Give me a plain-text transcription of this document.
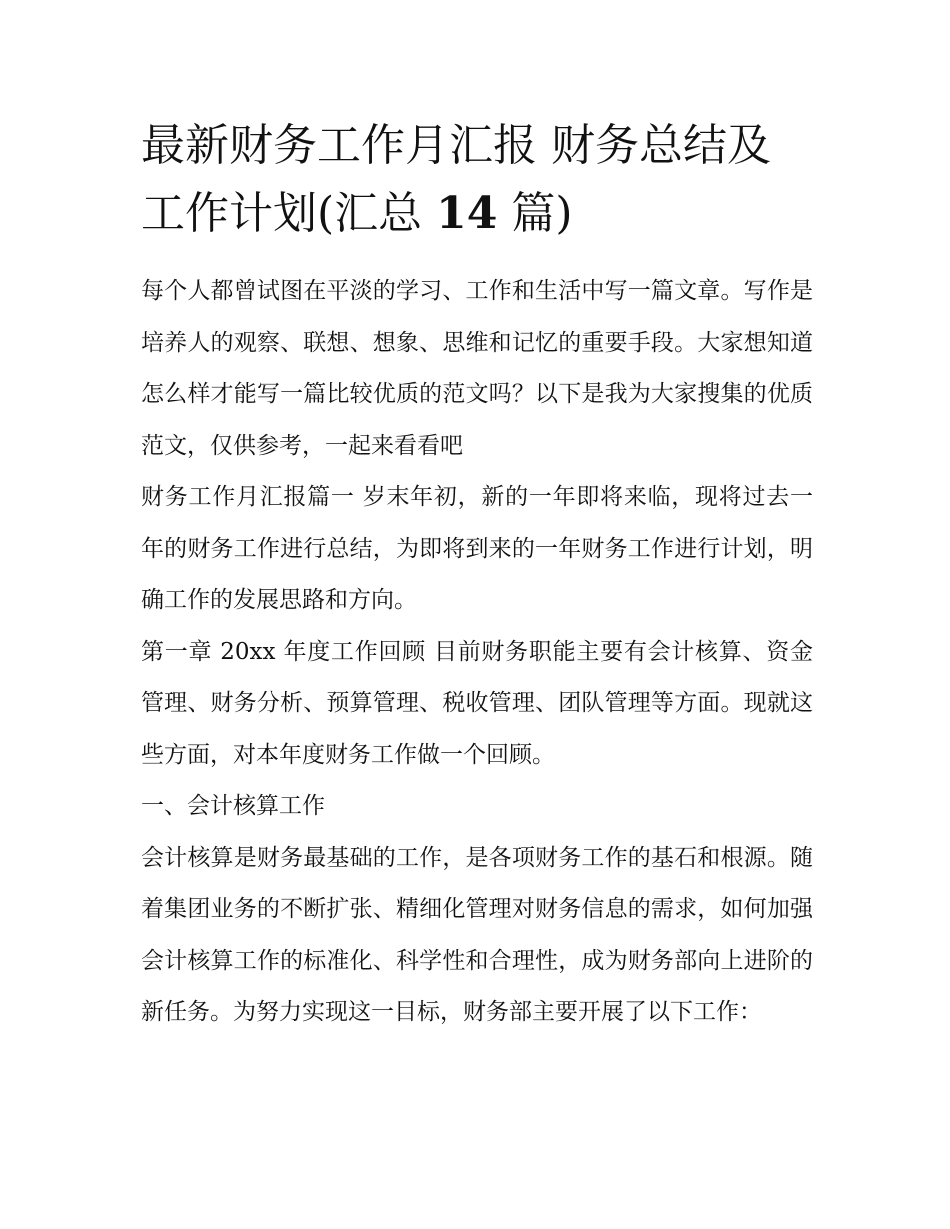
最新财务工作月汇报 财务总结及工作计划(汇总 14 篇)

每个人都曾试图在平淡的学习、工作和生活中写一篇文章。写作是培养人的观察、联想、想象、思维和记忆的重要手段。大家想知道怎么样才能写一篇比较优质的范文吗？以下是我为大家搜集的优质范文，仅供参考，一起来看看吧

财务工作月汇报篇一 岁末年初，新的一年即将来临，现将过去一年的财务工作进行总结，为即将到来的一年财务工作进行计划，明确工作的发展思路和方向。

第一章 20xx 年度工作回顾 目前财务职能主要有会计核算、资金管理、财务分析、预算管理、税收管理、团队管理等方面。现就这些方面，对本年度财务工作做一个回顾。

一、会计核算工作

会计核算是财务最基础的工作，是各项财务工作的基石和根源。随着集团业务的不断扩张、精细化管理对财务信息的需求，如何加强会计核算工作的标准化、科学性和合理性，成为财务部向上进阶的新任务。为努力实现这一目标，财务部主要开展了以下工作：
